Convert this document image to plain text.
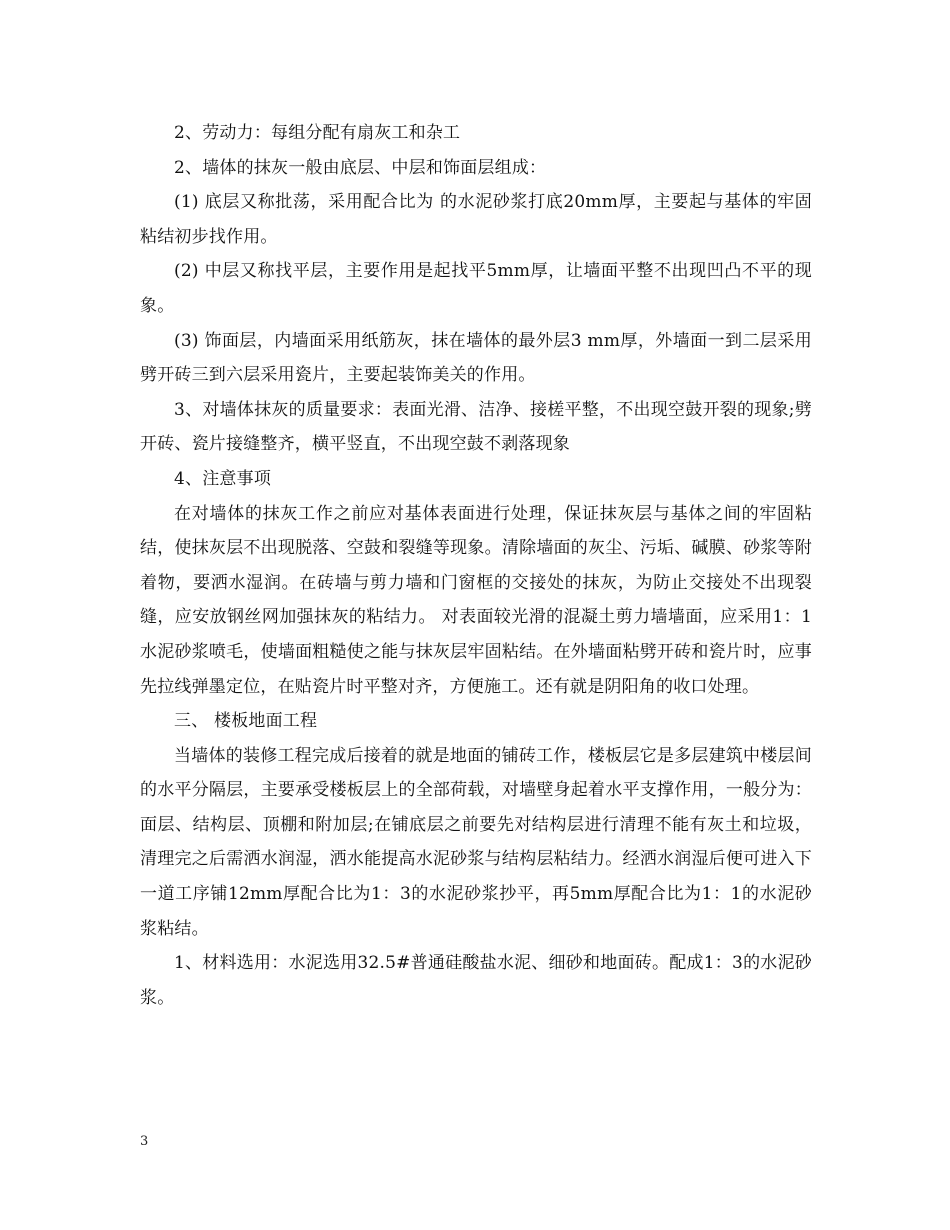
2、劳动力：每组分配有扇灰工和杂工

2、墙体的抹灰一般由底层、中层和饰面层组成：

(1) 底层又称批荡，采用配合比为 的水泥砂浆打底20mm厚，主要起与基体的牢固粘结初步找作用。

(2) 中层又称找平层，主要作用是起找平5mm厚，让墙面平整不出现凹凸不平的现象。

(3) 饰面层，内墙面采用纸筋灰，抹在墙体的最外层3 mm厚，外墙面一到二层采用劈开砖三到六层采用瓷片，主要起装饰美关的作用。

3、对墙体抹灰的质量要求：表面光滑、洁净、接槎平整，不出现空鼓开裂的现象;劈开砖、瓷片接缝整齐，横平竖直，不出现空鼓不剥落现象

4、注意事项

在对墙体的抹灰工作之前应对基体表面进行处理，保证抹灰层与基体之间的牢固粘结，使抹灰层不出现脱落、空鼓和裂缝等现象。清除墙面的灰尘、污垢、碱膜、砂浆等附着物，要洒水湿润。在砖墙与剪力墙和门窗框的交接处的抹灰，为防止交接处不出现裂缝，应安放钢丝网加强抹灰的粘结力。 对表面较光滑的混凝土剪力墙墙面，应采用1：1水泥砂浆喷毛，使墙面粗糙使之能与抹灰层牢固粘结。在外墙面粘劈开砖和瓷片时，应事先拉线弹墨定位，在贴瓷片时平整对齐，方便施工。还有就是阴阳角的收口处理。

三、 楼板地面工程

当墙体的装修工程完成后接着的就是地面的铺砖工作，楼板层它是多层建筑中楼层间的水平分隔层，主要承受楼板层上的全部荷载，对墙壁身起着水平支撑作用，一般分为：面层、结构层、顶棚和附加层;在铺底层之前要先对结构层进行清理不能有灰土和垃圾，清理完之后需洒水润湿，洒水能提高水泥砂浆与结构层粘结力。经洒水润湿后便可进入下一道工序铺12mm厚配合比为1：3的水泥砂浆抄平，再5mm厚配合比为1：1的水泥砂浆粘结。

1、材料选用：水泥选用32.5#普通硅酸盐水泥、细砂和地面砖。配成1：3的水泥砂浆。

3
